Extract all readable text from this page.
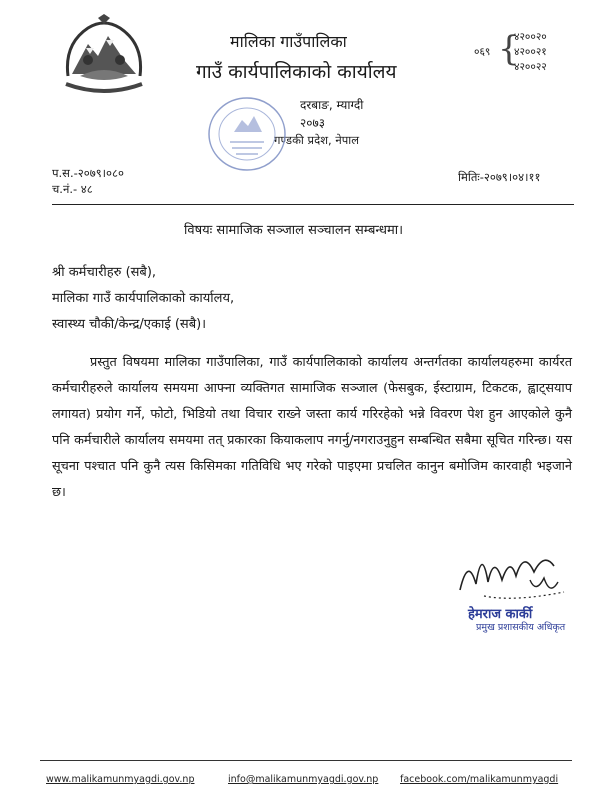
मालिका गाउँपालिका
गाउँ कार्यपालिकाको कार्यालय
दरबाङ, म्याग्दी
२०७३
गण्डकी प्रदेश, नेपाल
०६९ {
४२००२०
४२००२१
४२००२२
प.स.-२०७९।०८०
च.नं.- ४८
मितिः-२०७९।०४।११
विषयः सामाजिक सञ्जाल सञ्चालन सम्बन्धमा।
श्री कर्मचारीहरु (सबै),
मालिका गाउँ कार्यपालिकाको कार्यालय,
स्वास्थ्य चौकी/केन्द्र/एकाई (सबै)।
प्रस्तुत विषयमा मालिका गाउँपालिका, गाउँ कार्यपालिकाको कार्यालय अन्तर्गतका कार्यालयहरुमा कार्यरत कर्मचारीहरुले कार्यालय समयमा आफ्ना व्यक्तिगत सामाजिक सञ्जाल (फेसबुक, ईस्टाग्राम, टिकटक, ह्वाट्सयाप लगायत) प्रयोग गर्ने, फोटो, भिडियो तथा विचार राख्ने जस्ता कार्य गरिरहेको भन्ने विवरण पेश हुन आएकोले कुनै पनि कर्मचारीले कार्यालय समयमा तत् प्रकारका कियाकलाप नगर्नु/नगराउनुहुन सम्बन्धित सबैमा सूचित गरिन्छ। यस सूचना पश्चात पनि कुनै त्यस किसिमका गतिविधि भए गरेको पाइएमा प्रचलित कानुन बमोजिम कारवाही भइजाने छ।
हेमराज कार्की
प्रमुख प्रशासकीय अधिकृत
www.malikamunmyagdi.gov.np	info@malikamunmyagdi.gov.np facebook.com/malikamunmyagdi
